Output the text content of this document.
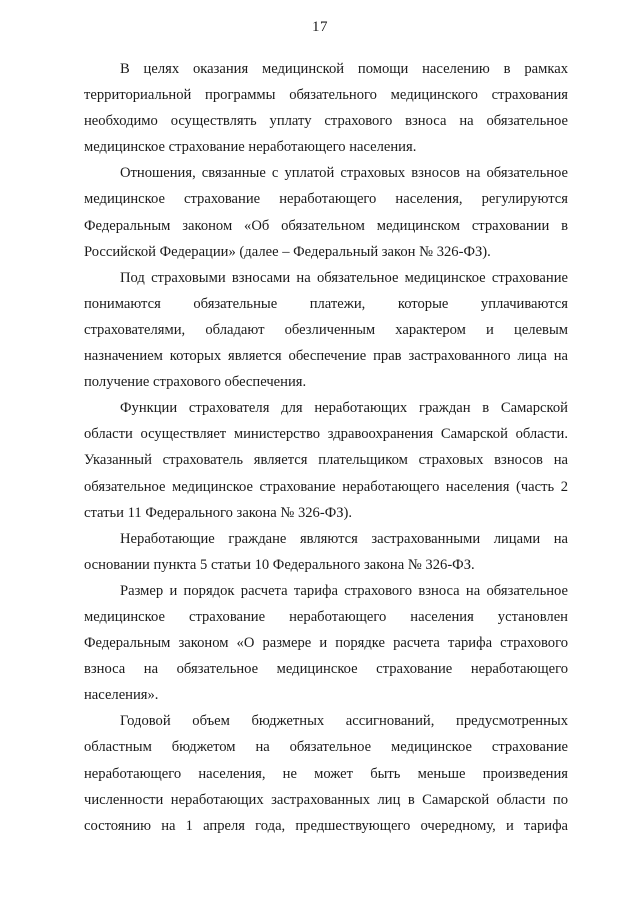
17

В целях оказания медицинской помощи населению в рамках
территориальной программы обязательного медицинского страхования
необходимо осуществлять уплату страхового взноса на обязательное
медицинское страхование неработающего населения.

Отношения, связанные с уплатой страховых взносов на обязательное
медицинское страхование неработающего населения, регулируются
Федеральным законом «Об обязательном медицинском страховании в
Российской Федерации» (далее – Федеральный закон № 326-ФЗ).

Под страховыми взносами на обязательное медицинское страхование
понимаются обязательные платежи, которые уплачиваются
страхователями, обладают обезличенным характером и целевым
назначением которых является обеспечение прав застрахованного лица на
получение страхового обеспечения.

Функции страхователя для неработающих граждан в Самарской
области осуществляет министерство здравоохранения Самарской области.
Указанный страхователь является плательщиком страховых взносов на
обязательное медицинское страхование неработающего населения (часть 2
статьи 11 Федерального закона № 326-ФЗ).

Неработающие граждане являются застрахованными лицами на
основании пункта 5 статьи 10 Федерального закона № 326-ФЗ.

Размер и порядок расчета тарифа страхового взноса на обязательное
медицинское страхование неработающего населения установлен
Федеральным законом «О размере и порядке расчета тарифа страхового
взноса на обязательное медицинское страхование неработающего
населения».

Годовой объем бюджетных ассигнований, предусмотренных
областным бюджетом на обязательное медицинское страхование
неработающего населения, не может быть меньше произведения
численности неработающих застрахованных лиц в Самарской области по
состоянию на 1 апреля года, предшествующего очередному, и тарифа
